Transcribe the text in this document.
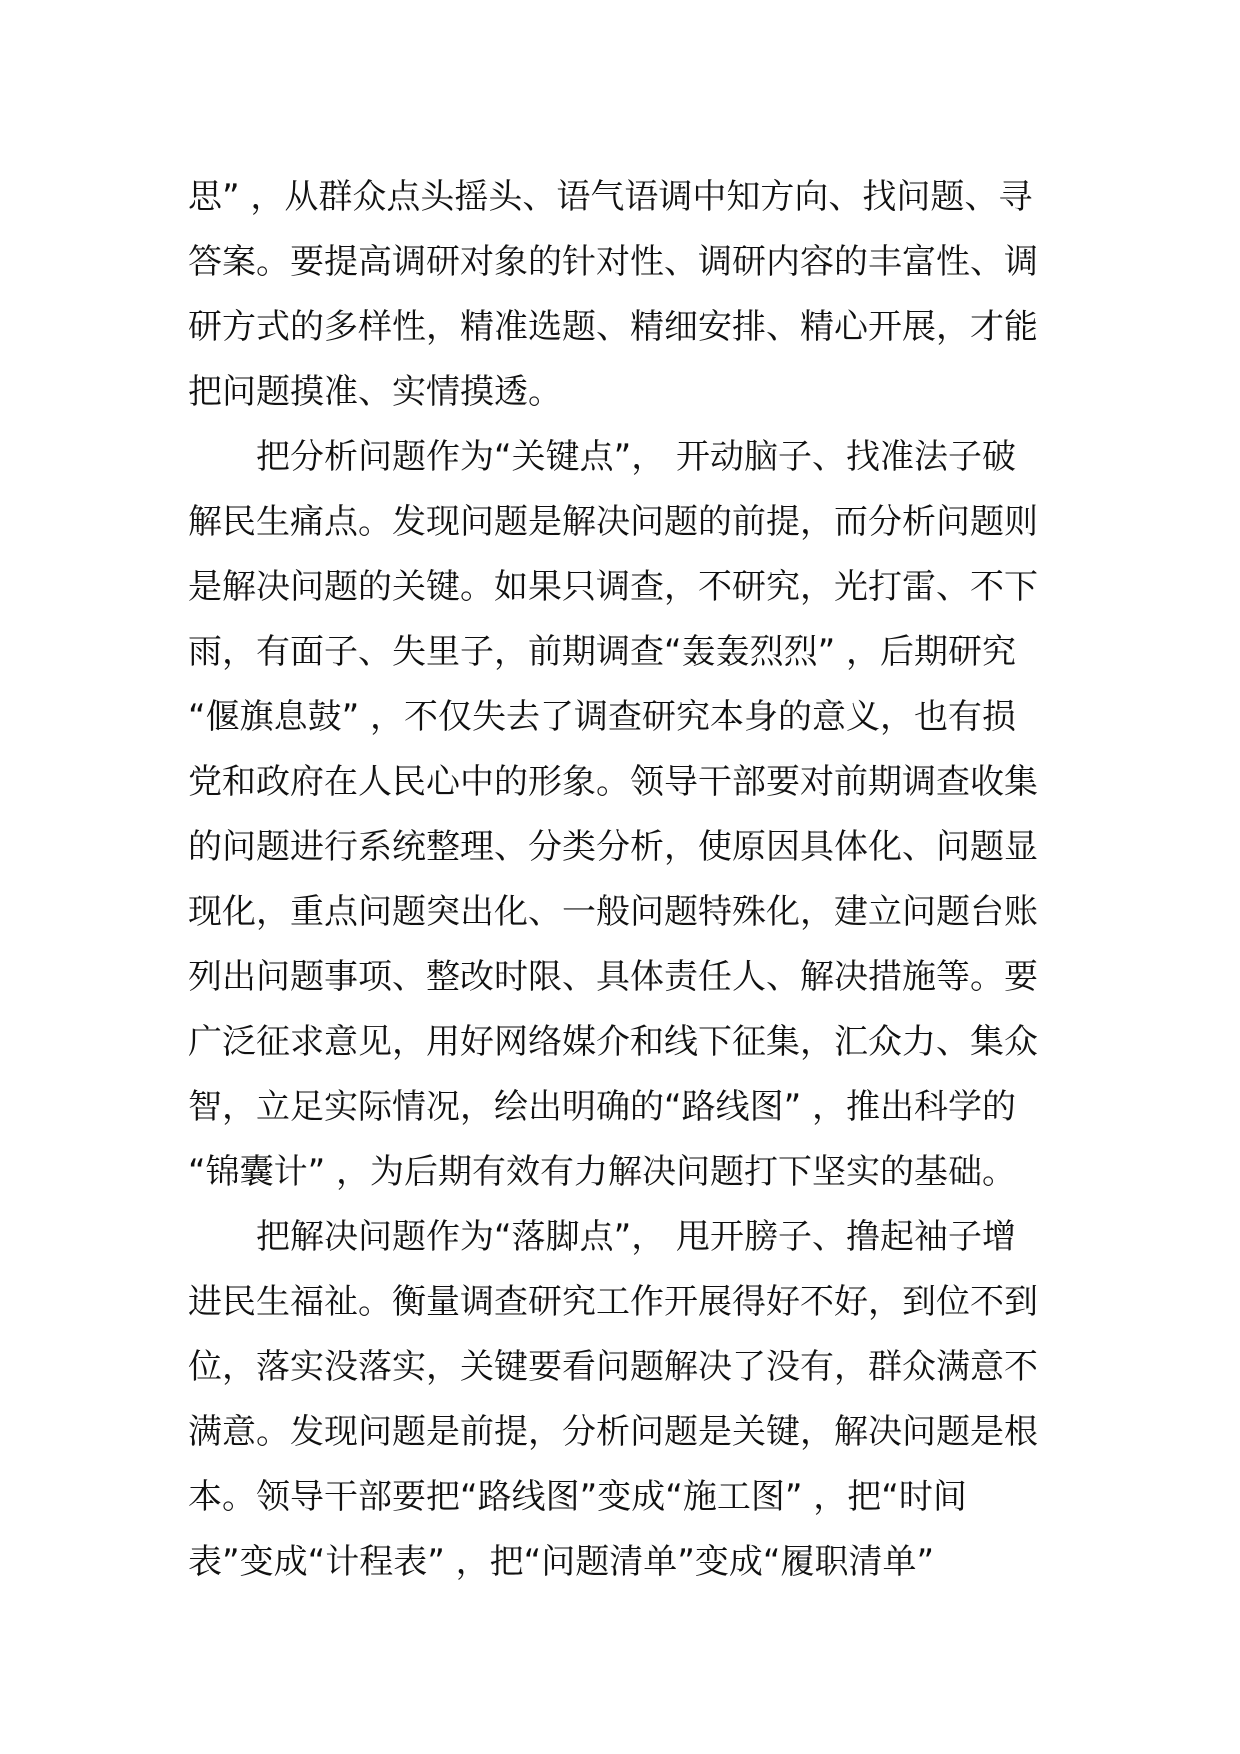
思” ，从群众点头摇头、语气语调中知方向、找问题、寻
答案。要提高调研对象的针对性、调研内容的丰富性、调
研方式的多样性，精准选题、精细安排、精心开展，才能
把问题摸准、实情摸透。
把分析问题作为“关键点”， 开动脑子、找准法子破
解民生痛点。发现问题是解决问题的前提，而分析问题则
是解决问题的关键。如果只调查，不研究，光打雷、不下
雨，有面子、失里子，前期调查“轰轰烈烈” ，后期研究
“偃旗息鼓” ，不仅失去了调查研究本身的意义，也有损
党和政府在人民心中的形象。领导干部要对前期调查收集
的问题进行系统整理、分类分析，使原因具体化、问题显
现化，重点问题突出化、一般问题特殊化，建立问题台账
列出问题事项、整改时限、具体责任人、解决措施等。要
广泛征求意见，用好网络媒介和线下征集，汇众力、集众
智，立足实际情况，绘出明确的“路线图” ，推出科学的
“锦囊计” ，为后期有效有力解决问题打下坚实的基础。
把解决问题作为“落脚点”， 甩开膀子、撸起袖子增
进民生福祉。衡量调查研究工作开展得好不好，到位不到
位，落实没落实，关键要看问题解决了没有，群众满意不
满意。发现问题是前提，分析问题是关键，解决问题是根
本。领导干部要把“路线图”变成“施工图” ，把“时间
表”变成“计程表” ，把“问题清单”变成“履职清单”
